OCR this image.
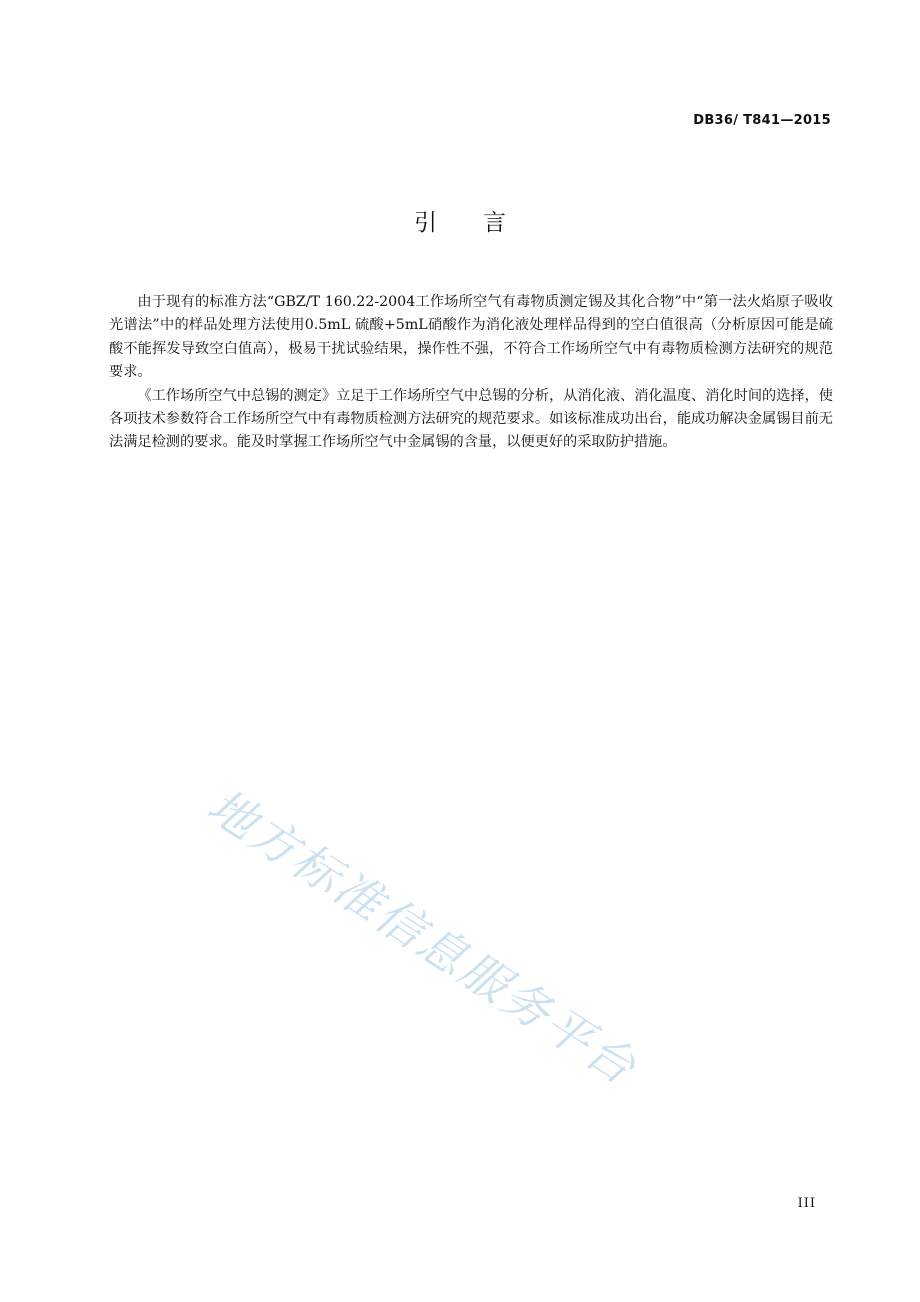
DB36/ T841—2015
引言

由于现有的标准方法“GBZ/T 160.22-2004工作场所空气有毒物质测定锡及其化合物”中“第一法火焰原子吸收光谱法”中的样品处理方法使用0.5mL 硫酸+5mL硝酸作为消化液处理样品得到的空白值很高（分析原因可能是硫酸不能挥发导致空白值高），极易干扰试验结果，操作性不强，不符合工作场所空气中有毒物质检测方法研究的规范要求。

《工作场所空气中总锡的测定》立足于工作场所空气中总锡的分析，从消化液、消化温度、消化时间的选择，使各项技术参数符合工作场所空气中有毒物质检测方法研究的规范要求。如该标准成功出台，能成功解决金属锡目前无法满足检测的要求。能及时掌握工作场所空气中金属锡的含量，以便更好的采取防护措施。

地方标准信息服务平台
III
